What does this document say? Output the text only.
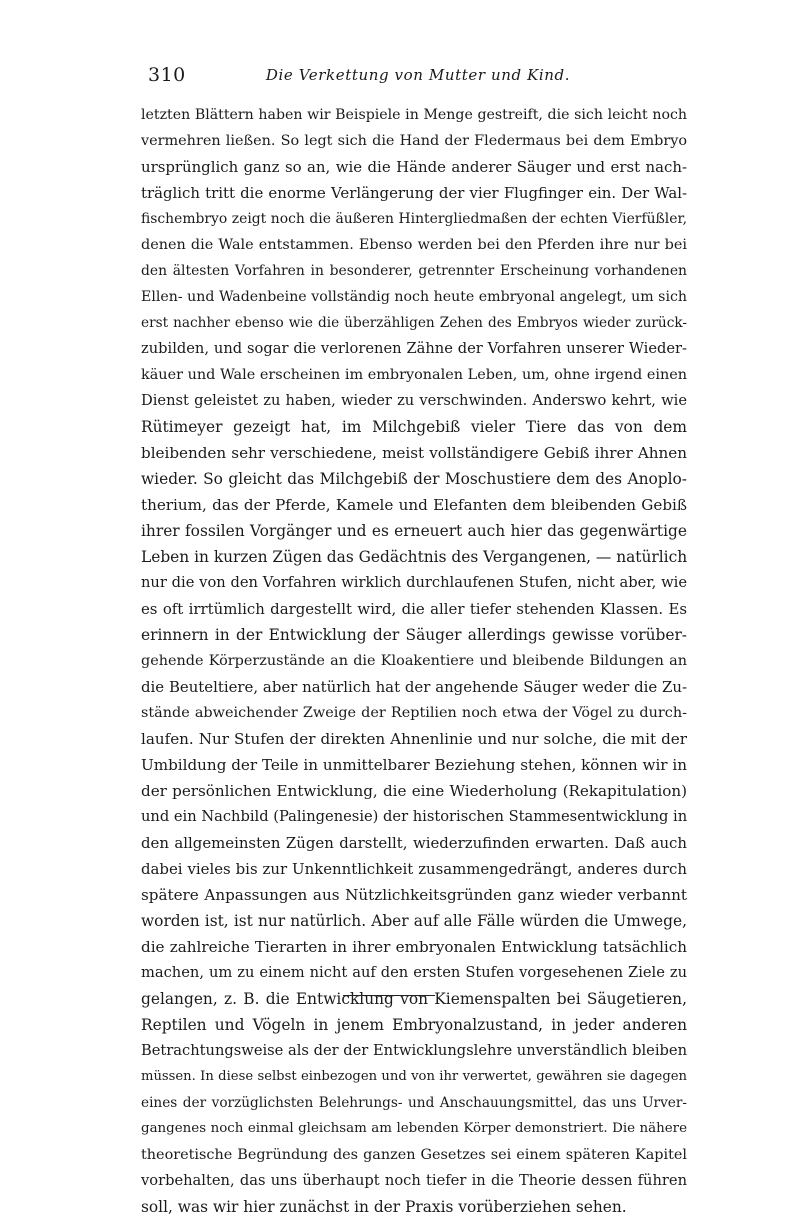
310	Die Verkettung von Mutter und Kind.
letzten Blättern haben wir Beispiele in Menge gestreift, die sich leicht noch
vermehren ließen. So legt sich die Hand der Fledermaus bei dem Embryo
ursprünglich ganz so an, wie die Hände anderer Säuger und erst nach-
träglich tritt die enorme Verlängerung der vier Flugfinger ein. Der Wal-
fischembryo zeigt noch die äußeren Hintergliedmaßen der echten Vierfüßler,
denen die Wale entstammen. Ebenso werden bei den Pferden ihre nur bei
den ältesten Vorfahren in besonderer, getrennter Erscheinung vorhandenen
Ellen- und Wadenbeine vollständig noch heute embryonal angelegt, um sich
erst nachher ebenso wie die überzähligen Zehen des Embryos wieder zurück-
zubilden, und sogar die verlorenen Zähne der Vorfahren unserer Wieder-
käuer und Wale erscheinen im embryonalen Leben, um, ohne irgend einen
Dienst geleistet zu haben, wieder zu verschwinden. Anderswo kehrt, wie
Rütimeyer gezeigt hat, im Milchgebiß vieler Tiere das von dem
bleibenden sehr verschiedene, meist vollständigere Gebiß ihrer Ahnen
wieder. So gleicht das Milchgebiß der Moschustiere dem des Anoplo-
therium, das der Pferde, Kamele und Elefanten dem bleibenden Gebiß
ihrer fossilen Vorgänger und es erneuert auch hier das gegenwärtige
Leben in kurzen Zügen das Gedächtnis des Vergangenen, — natürlich
nur die von den Vorfahren wirklich durchlaufenen Stufen, nicht aber, wie
es oft irrtümlich dargestellt wird, die aller tiefer stehenden Klassen. Es
erinnern in der Entwicklung der Säuger allerdings gewisse vorüber-
gehende Körperzustände an die Kloakentiere und bleibende Bildungen an
die Beuteltiere, aber natürlich hat der angehende Säuger weder die Zu-
stände abweichender Zweige der Reptilien noch etwa der Vögel zu durch-
laufen. Nur Stufen der direkten Ahnenlinie und nur solche, die mit der
Umbildung der Teile in unmittelbarer Beziehung stehen, können wir in
der persönlichen Entwicklung, die eine Wiederholung (Rekapitulation)
und ein Nachbild (Palingenesie) der historischen Stammesentwicklung in
den allgemeinsten Zügen darstellt, wiederzufinden erwarten. Daß auch
dabei vieles bis zur Unkenntlichkeit zusammengedrängt, anderes durch
spätere Anpassungen aus Nützlichkeitsgründen ganz wieder verbannt
worden ist, ist nur natürlich. Aber auf alle Fälle würden die Umwege,
die zahlreiche Tierarten in ihrer embryonalen Entwicklung tatsächlich
machen, um zu einem nicht auf den ersten Stufen vorgesehenen Ziele zu
gelangen, z. B. die Entwicklung von Kiemenspalten bei Säugetieren,
Reptilen und Vögeln in jenem Embryonalzustand, in jeder anderen
Betrachtungsweise als der der Entwicklungslehre unverständlich bleiben
müssen. In diese selbst einbezogen und von ihr verwertet, gewähren sie dagegen
eines der vorzüglichsten Belehrungs- und Anschauungsmittel, das uns Urver-
gangenes noch einmal gleichsam am lebenden Körper demonstriert. Die nähere
theoretische Begründung des ganzen Gesetzes sei einem späteren Kapitel
vorbehalten, das uns überhaupt noch tiefer in die Theorie dessen führen
soll, was wir hier zunächst in der Praxis vorüberziehen sehen.
